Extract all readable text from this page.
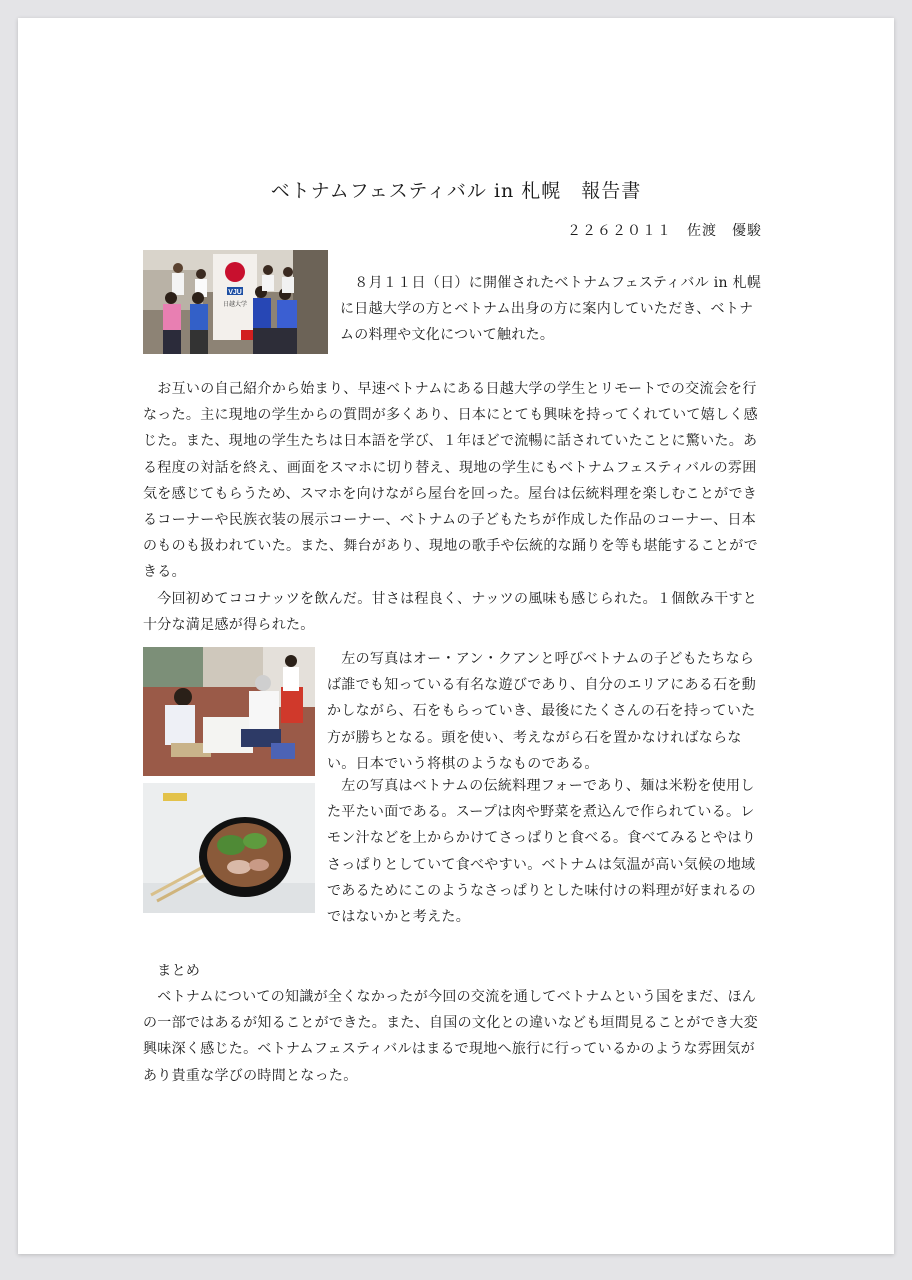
ベトナムフェスティバル in 札幌　報告書
２２６２０１１　佐渡　優駿
VJU
日越大学
　８月１１日（日）に開催されたベトナムフェスティバル in 札幌に日越大学の方とベトナム出身の方に案内していただき、ベトナムの料理や文化について触れた。
　お互いの自己紹介から始まり、早速ベトナムにある日越大学の学生とリモートでの交流会を行なった。主に現地の学生からの質問が多くあり、日本にとても興味を持ってくれていて嬉しく感じた。また、現地の学生たちは日本語を学び、１年ほどで流暢に話されていたことに驚いた。ある程度の対話を終え、画面をスマホに切り替え、現地の学生にもベトナムフェスティバルの雰囲気を感じてもらうため、スマホを向けながら屋台を回った。屋台は伝統料理を楽しむことができるコーナーや民族衣装の展示コーナー、ベトナムの子どもたちが作成した作品のコーナー、日本のものも扱われていた。また、舞台があり、現地の歌手や伝統的な踊りを等も堪能することができる。
　今回初めてココナッツを飲んだ。甘さは程良く、ナッツの風味も感じられた。１個飲み干すと十分な満足感が得られた。
　左の写真はオー・アン・クアンと呼びベトナムの子どもたちならば誰でも知っている有名な遊びであり、自分のエリアにある石を動かしながら、石をもらっていき、最後にたくさんの石を持っていた方が勝ちとなる。頭を使い、考えながら石を置かなければならない。日本でいう将棋のようなものである。
　左の写真はベトナムの伝統料理フォーであり、麺は米粉を使用した平たい面である。スープは肉や野菜を煮込んで作られている。レモン汁などを上からかけてさっぱりと食べる。食べてみるとやはりさっぱりとしていて食べやすい。ベトナムは気温が高い気候の地域であるためにこのようなさっぱりとした味付けの料理が好まれるのではないかと考えた。
　まとめ
　ベトナムについての知識が全くなかったが今回の交流を通してベトナムという国をまだ、ほんの一部ではあるが知ることができた。また、自国の文化との違いなども垣間見ることができ大変興味深く感じた。ベトナムフェスティバルはまるで現地へ旅行に行っているかのような雰囲気があり貴重な学びの時間となった。
